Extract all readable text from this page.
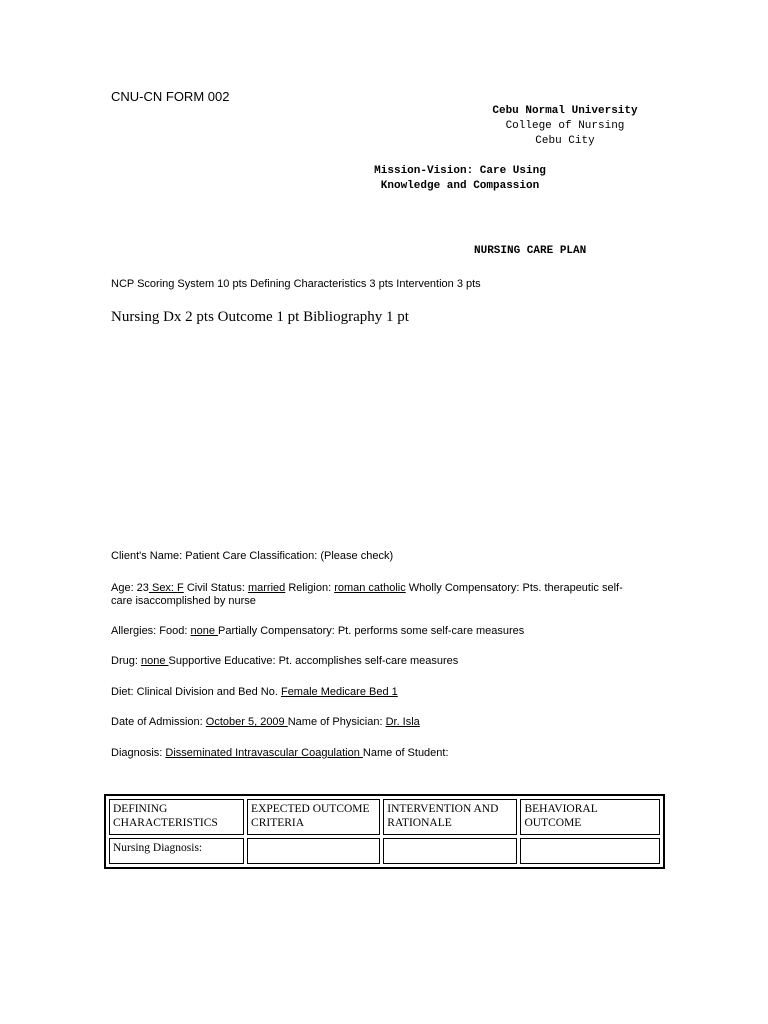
CNU-CN FORM 002
Cebu Normal University
College of Nursing
Cebu City
Mission-Vision: Care Using
Knowledge and Compassion
NURSING CARE PLAN
NCP Scoring System 10 pts Defining Characteristics 3 pts Intervention 3 pts
Nursing Dx 2 pts Outcome 1 pt Bibliography 1 pt
Client's Name: Patient Care Classification: (Please check)
Age: 23 Sex: F Civil Status: married Religion: roman catholic Wholly Compensatory: Pts. therapeutic self-care isaccomplished by nurse
Allergies: Food: none Partially Compensatory: Pt. performs some self-care measures
Drug: none Supportive Educative: Pt. accomplishes self-care measures
Diet: Clinical Division and Bed No. Female Medicare Bed 1
Date of Admission: October 5, 2009 Name of Physician: Dr. Isla
Diagnosis: Disseminated Intravascular Coagulation Name of Student:
DEFINING CHARACTERISTICS	EXPECTED OUTCOME CRITERIA	INTERVENTION AND RATIONALE	BEHAVIORAL OUTCOME
Nursing Diagnosis:			
